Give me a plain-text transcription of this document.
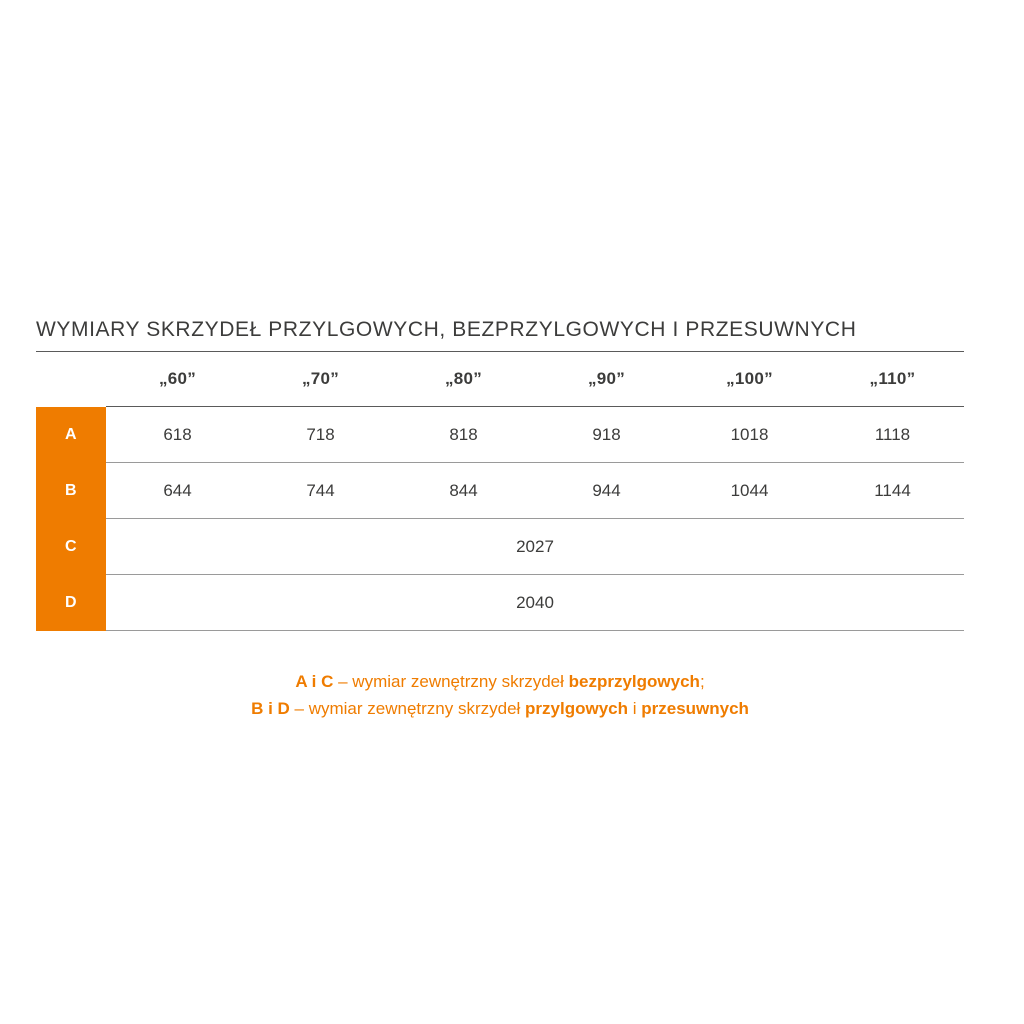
WYMIARY SKRZYDEŁ PRZYLGOWYCH, BEZPRZYLGOWYCH I PRZESUWNYCH
	„60”	„70”	„80”	„90”	„100”	„110”
A	618	718	818	918	1018	1118
B	644	744	844	944	1044	1144
C	2027					
D	2040					
A i C – wymiar zewnętrzny skrzydeł bezprzylgowych;
B i D – wymiar zewnętrzny skrzydeł przylgowych i przesuwnych
